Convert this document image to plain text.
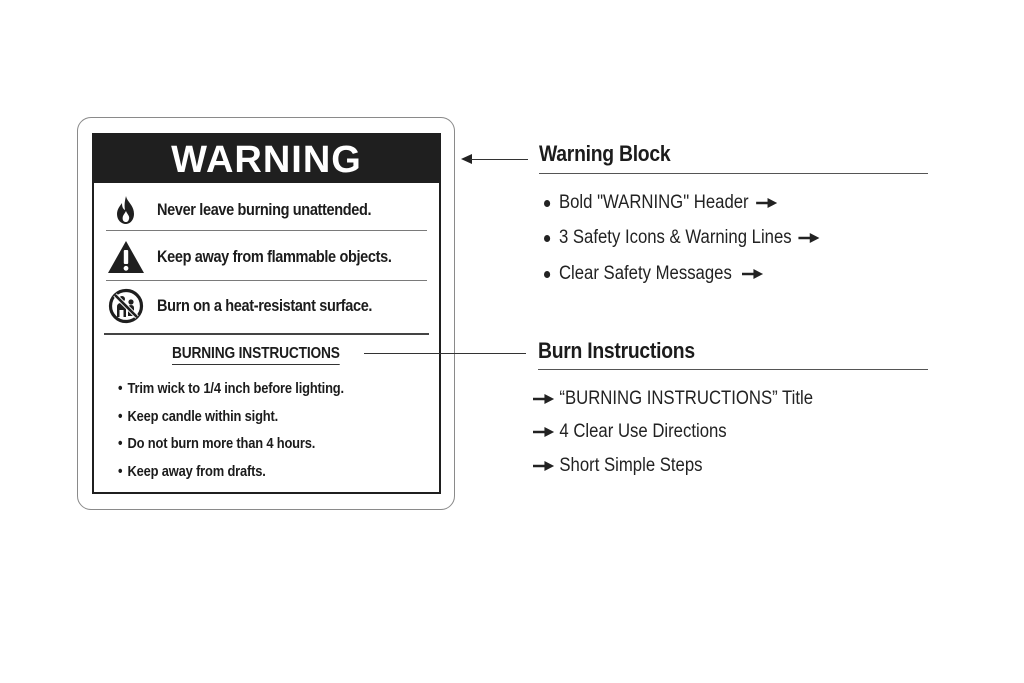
WARNING
Never leave burning unattended.
Keep away from flammable objects.
Burn on a heat-resistant surface.
BURNING INSTRUCTIONS
• Trim wick to 1/4 inch before lighting.
• Keep candle within sight.
• Do not burn more than 4 hours.
• Keep away from drafts.
Warning Block
Bold "WARNING" Header
3 Safety Icons & Warning Lines
Clear Safety Messages
Burn Instructions
“BURNING INSTRUCTIONS” Title
4 Clear Use Directions
Short Simple Steps
